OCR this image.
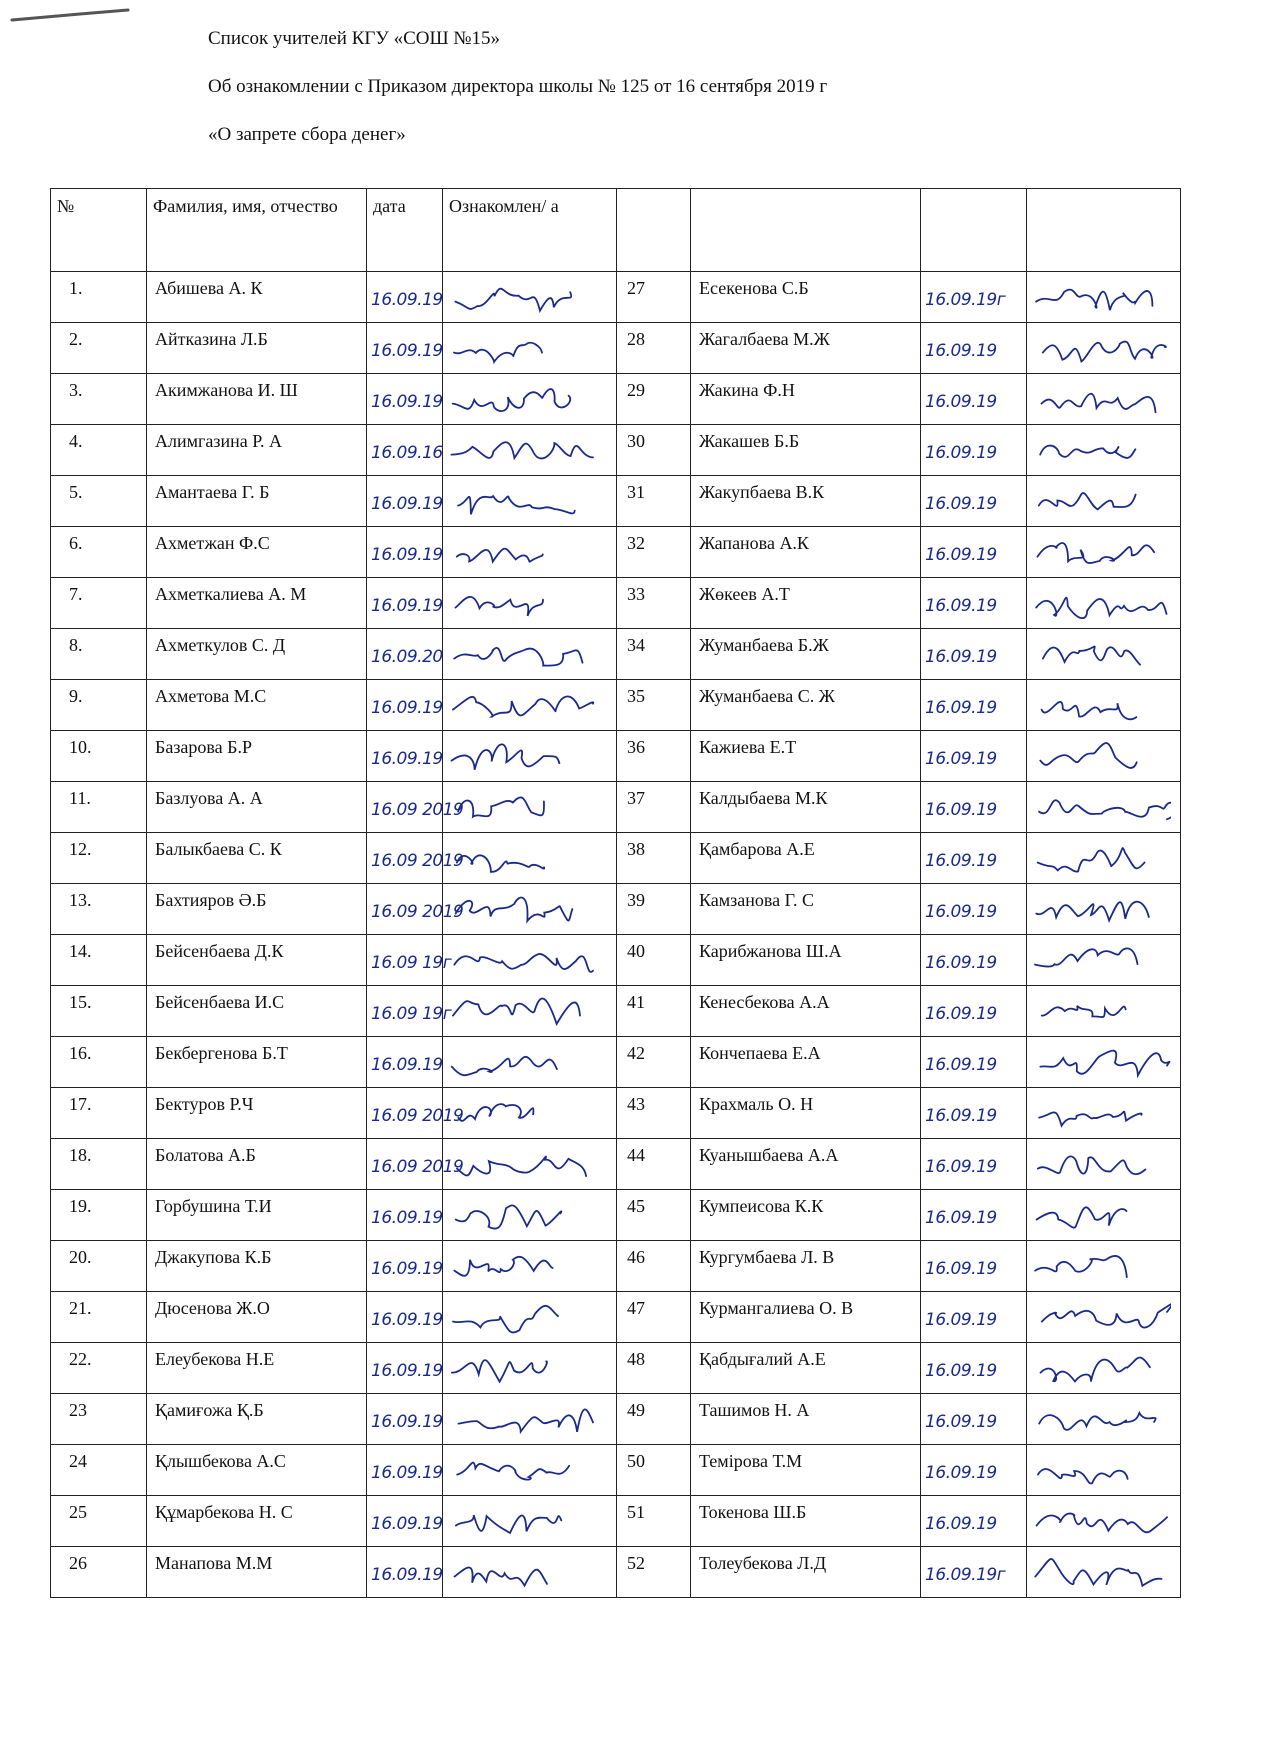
Список учителей КГУ «СОШ №15»
Об ознакомлении с Приказом директора школы № 125 от 16 сентября 2019 г
«О запрете сбора денег»
№	Фамилия, имя, отчество	дата	Ознакомлен/ а				

1.	Абишева А. К	16.09.19		27	Есекенова С.Б	16.09.19г

2.	Айтказина Л.Б	16.09.19		28	Жагалбаева М.Ж	16.09.19

3.	Акимжанова И. Ш	16.09.19		29	Жакина Ф.Н	16.09.19

4.	Алимгазина Р. А	16.09.16		30	Жакашев Б.Б	16.09.19

5.	Амантаева Г. Б	16.09.19		31	Жакупбаева В.К	16.09.19

6.	Ахметжан Ф.С	16.09.19		32	Жапанова А.К	16.09.19

7.	Ахметкалиева А. М	16.09.19		33	Жөкеев А.Т	16.09.19

8.	Ахметкулов С. Д	16.09.20		34	Жуманбаева Б.Ж	16.09.19

9.	Ахметова М.С	16.09.19		35	Жуманбаева С. Ж	16.09.19

10.	Базарова Б.Р	16.09.19		36	Кажиева Е.Т	16.09.19

11.	Базлуова А. А	16.09 2019		37	Калдыбаева М.К	16.09.19

12.	Балыкбаева С. К	16.09 2019		38	Қамбарова А.Е	16.09.19

13.	Бахтияров Ә.Б	16.09 2019		39	Камзанова Г. С	16.09.19

14.	Бейсенбаева Д.К	16.09 19г		40	Карибжанова Ш.А	16.09.19

15.	Бейсенбаева И.С	16.09 19г		41	Кенесбекова А.А	16.09.19

16.	Бекбергенова Б.Т	16.09.19		42	Кончепаева Е.А	16.09.19

17.	Бектуров Р.Ч	16.09 2019		43	Крахмаль О. Н	16.09.19

18.	Болатова А.Б	16.09 2019		44	Куанышбаева А.А	16.09.19

19.	Горбушина Т.И	16.09.19		45	Кумпеисова К.К	16.09.19

20.	Джакупова К.Б	16.09.19		46	Кургумбаева Л. В	16.09.19

21.	Дюсенова Ж.О	16.09.19		47	Курмангалиева О. В	16.09.19

22.	Елеубекова Н.Е	16.09.19		48	Қабдығалий А.Е	16.09.19

23	Қамиғожа Қ.Б	16.09.19		49	Ташимов Н. А	16.09.19

24	Қлышбекова А.С	16.09.19		50	Темірова Т.М	16.09.19

25	Құмарбекова Н. С	16.09.19		51	Токенова Ш.Б	16.09.19

26	Манапова М.М	16.09.19		52	Толеубекова Л.Д	16.09.19г
